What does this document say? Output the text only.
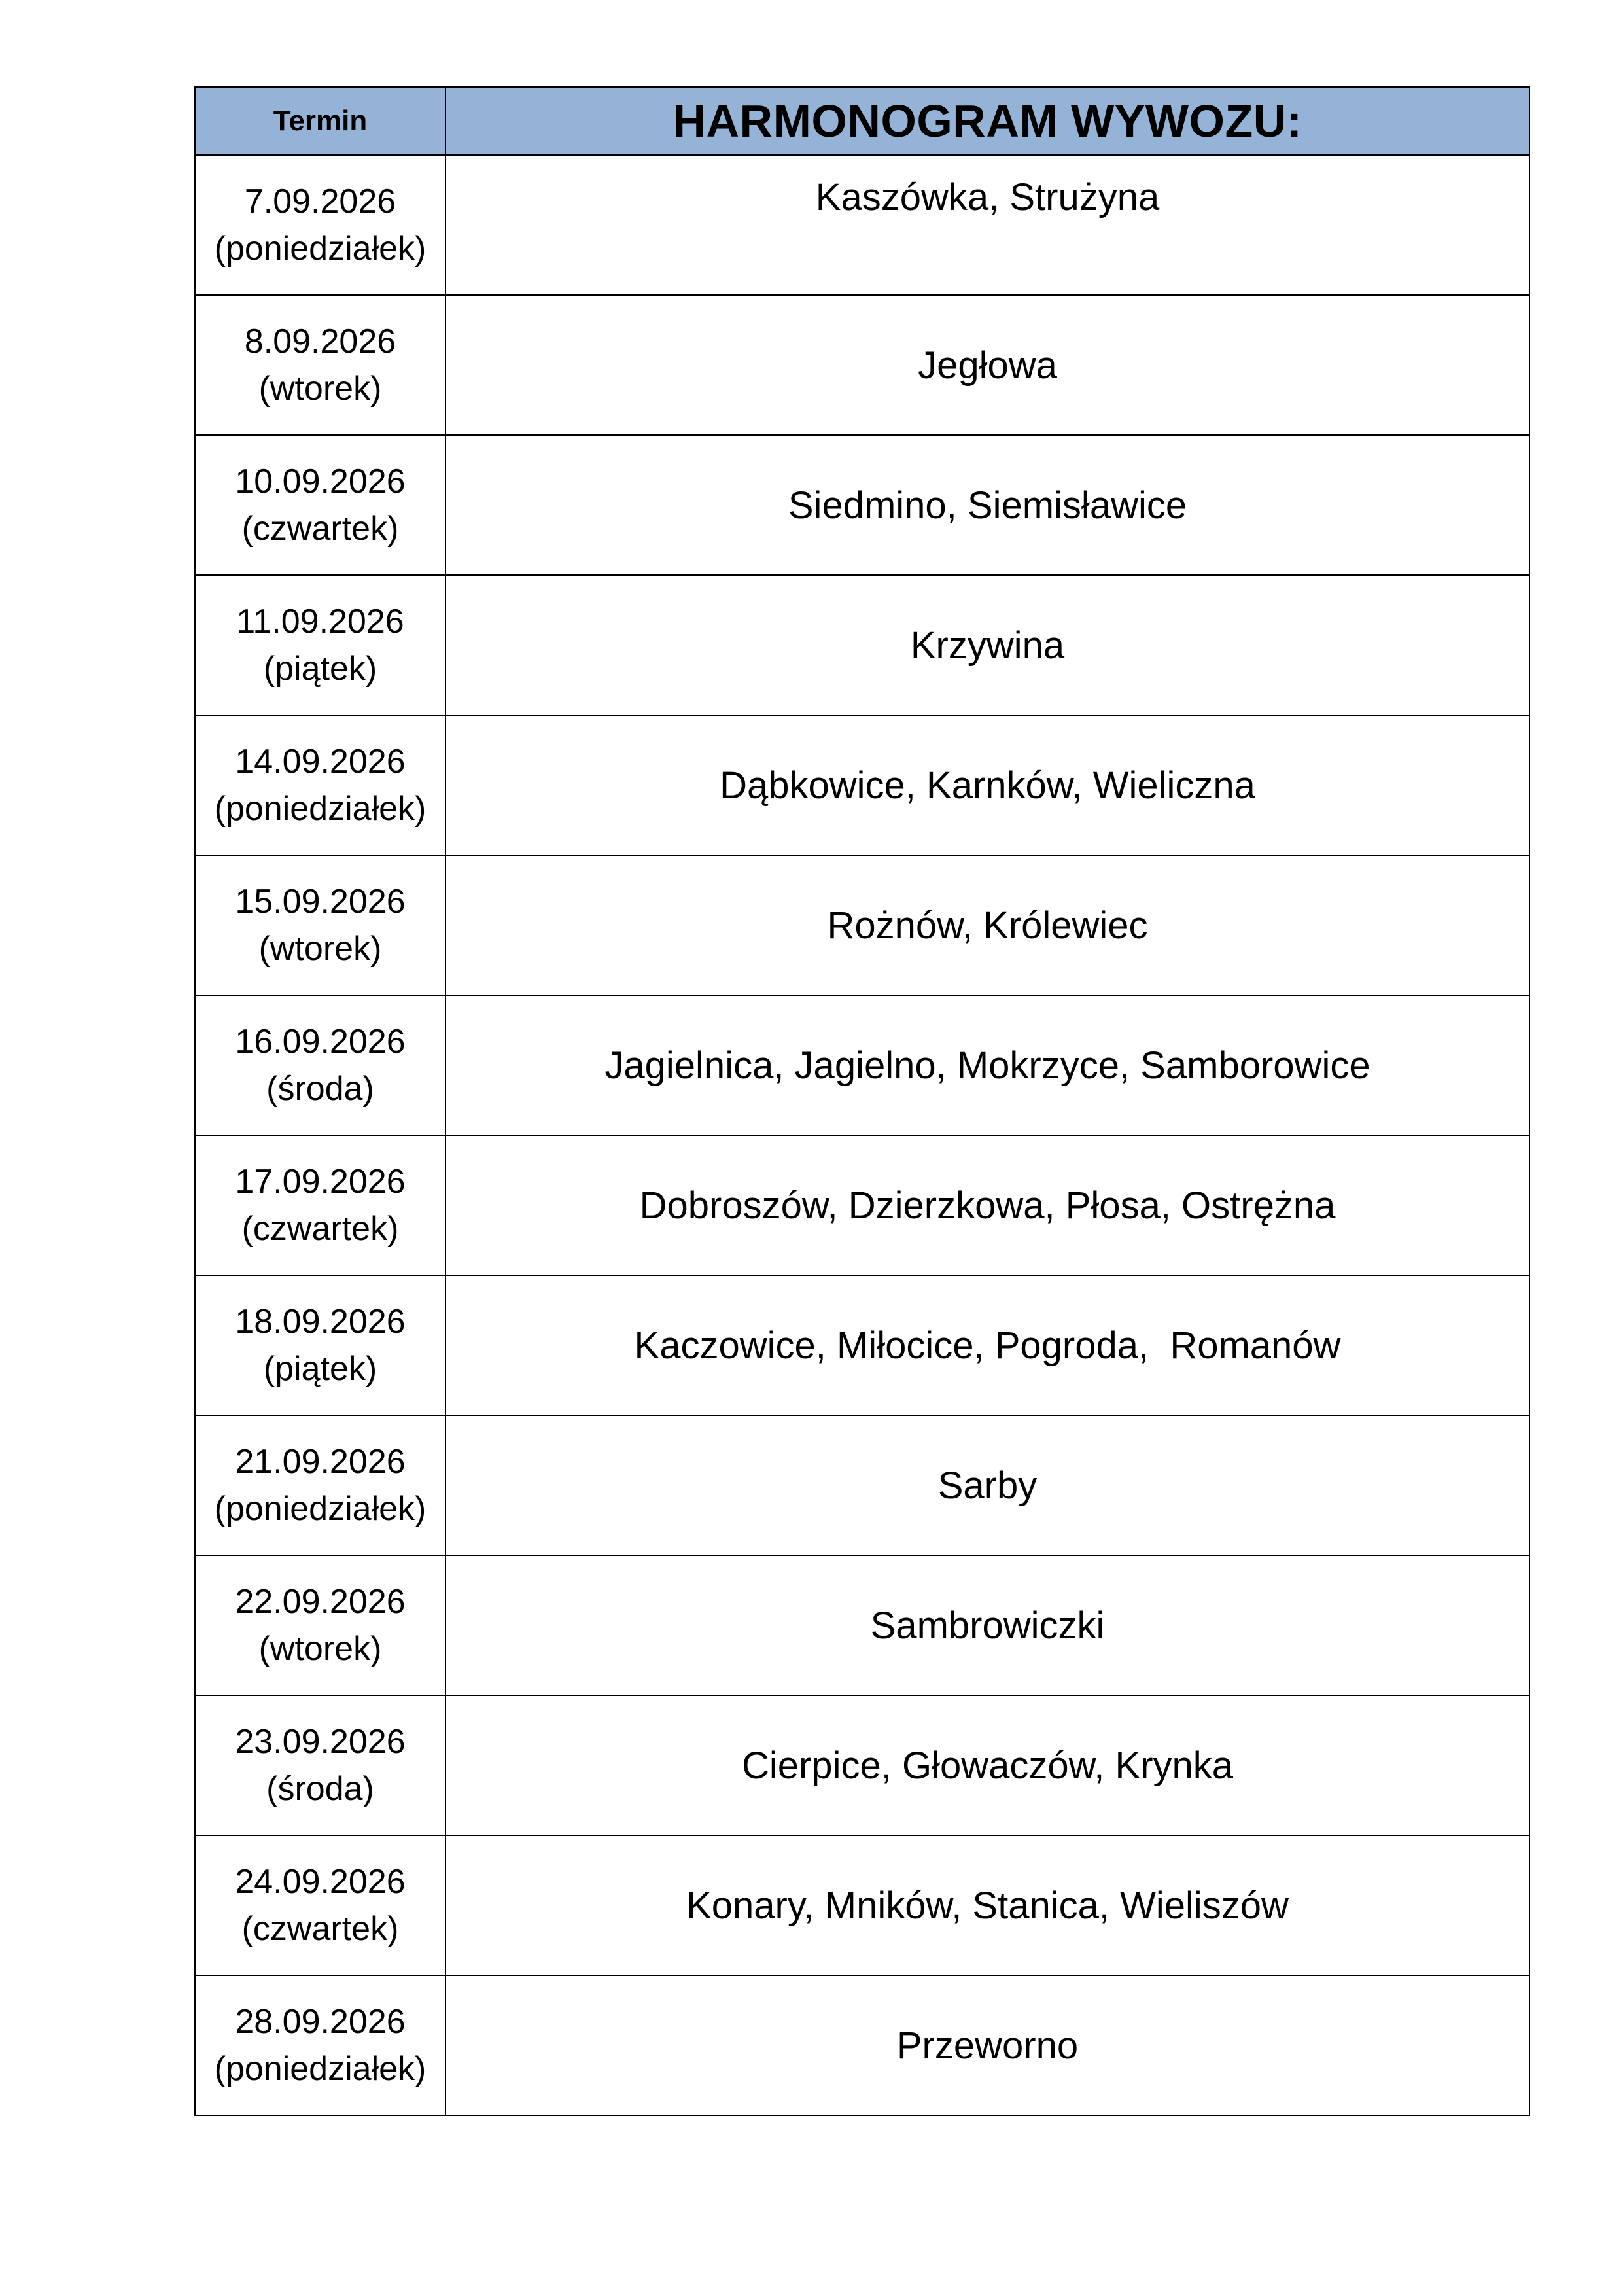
Termin	HARMONOGRAM WYWOZU:

7.09.2026
(poniedziałek)	Kaszówka, Strużyna

8.09.2026
(wtorek)	Jegłowa

10.09.2026
(czwartek)	Siedmino, Siemisławice

11.09.2026
(piątek)	Krzywina

14.09.2026
(poniedziałek)	Dąbkowice, Karnków, Wieliczna

15.09.2026
(wtorek)	Rożnów, Królewiec

16.09.2026
(środa)	Jagielnica, Jagielno, Mokrzyce, Samborowice

17.09.2026
(czwartek)	Dobroszów, Dzierzkowa, Płosa, Ostrężna

18.09.2026
(piątek)	Kaczowice, Miłocice, Pogroda,  Romanów

21.09.2026
(poniedziałek)	Sarby

22.09.2026
(wtorek)	Sambrowiczki

23.09.2026
(środa)	Cierpice, Głowaczów, Krynka

24.09.2026
(czwartek)	Konary, Mników, Stanica, Wieliszów

28.09.2026
(poniedziałek)	Przeworno
